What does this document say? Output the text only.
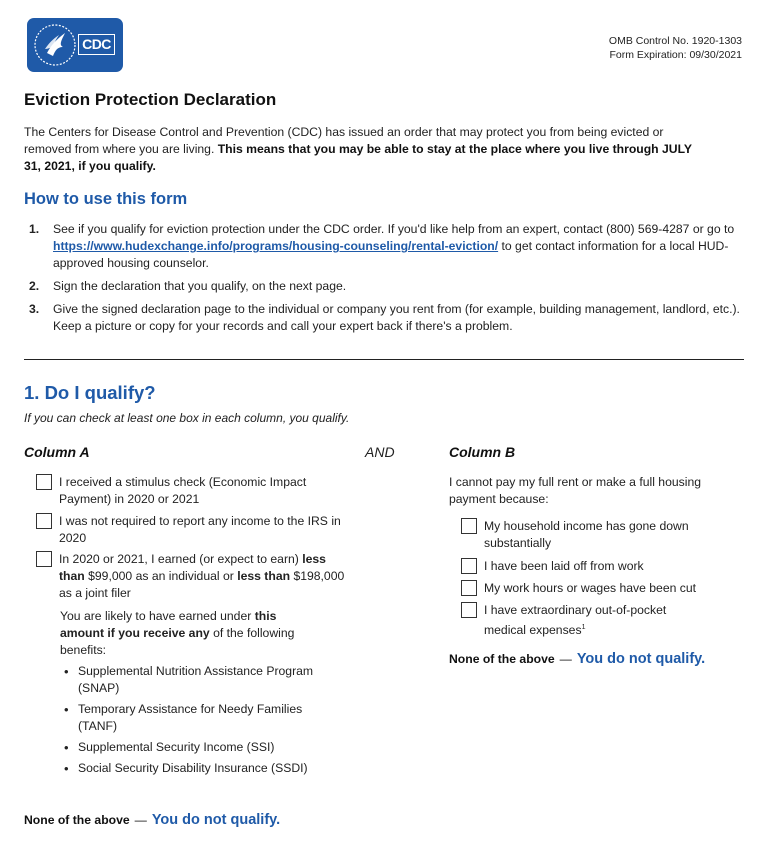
CDC	OMB Control No. 1920-1303
Form Expiration: 09/30/2021
Eviction Protection Declaration

The Centers for Disease Control and Prevention (CDC) has issued an order that may protect you from being evicted or removed from where you are living. This means that you may be able to stay at the place where you live through JULY 31, 2021, if you qualify.

How to use this form
1. See if you qualify for eviction protection under the CDC order. If you'd like help from an expert, contact (800) 569-4287 or go to https://www.hudexchange.info/programs/housing-counseling/rental-eviction/ to get contact information for a local HUD-approved housing counselor.
2. Sign the declaration that you qualify, on the next page.
3. Give the signed declaration page to the individual or company you rent from (for example, building management, landlord, etc.). Keep a picture or copy for your records and call your expert back if there's a problem.
1. Do I qualify?
If you can check at least one box in each column, you qualify.
Column A	AND
I received a stimulus check (Economic Impact Payment) in 2020 or 2021
I was not required to report any income to the IRS in 2020
In 2020 or 2021, I earned (or expect to earn) less than $99,000 as an individual or less than $198,000 as a joint filer

You are likely to have earned under this amount if you receive any of the following benefits:

• Supplemental Nutrition Assistance Program (SNAP)
• Temporary Assistance for Needy Families (TANF)
• Supplemental Security Income (SSI)
• Social Security Disability Insurance (SSDI)
None of the above — You do not qualify.
Column B

I cannot pay my full rent or make a full housing payment because:

My household income has gone down substantially
I have been laid off from work
My work hours or wages have been cut
I have extraordinary out-of-pocket medical expenses$^1$
None of the above — You do not qualify.
